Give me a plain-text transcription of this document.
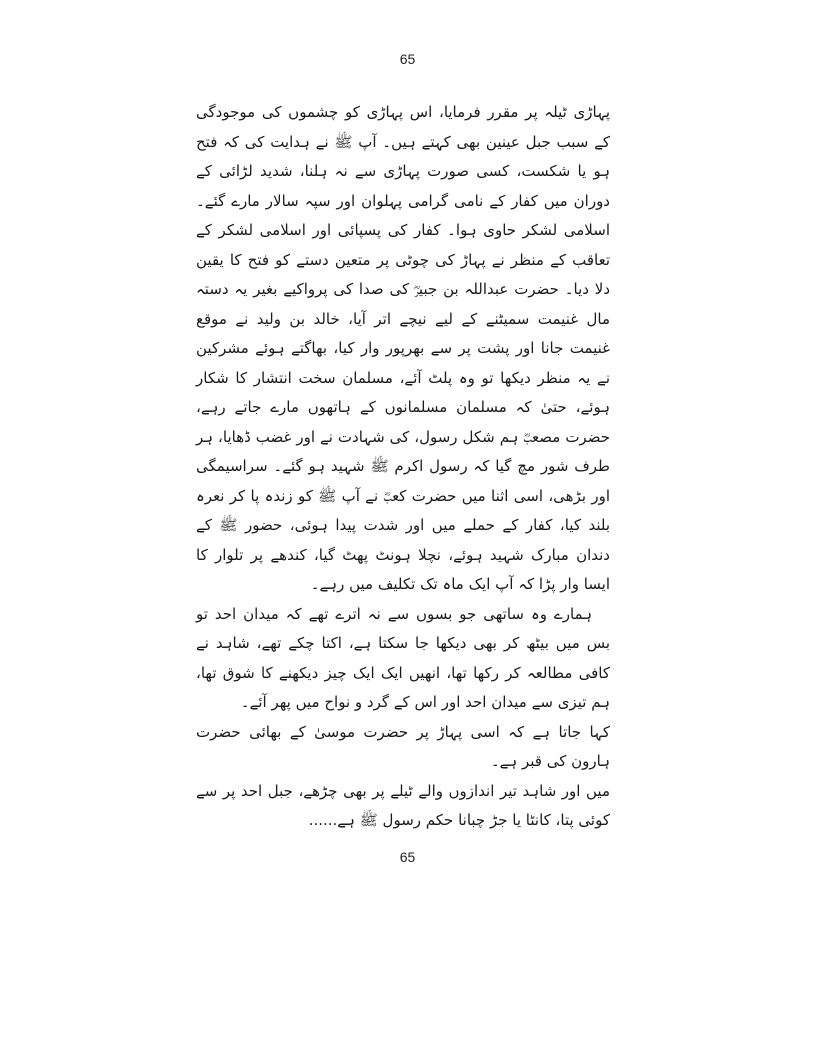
65

پہاڑی ٹیلہ پر مقرر فرمایا، اس پہاڑی کو چشموں کی موجودگی کے سبب جبل عینین بھی کہتے ہیں۔ آپ ﷺ نے ہدایت کی کہ فتح ہو یا شکست، کسی صورت پہاڑی سے نہ ہلنا، شدید لڑائی کے دوران میں کفار کے نامی گرامی پہلوان اور سپہ سالار مارے گئے۔ اسلامی لشکر حاوی ہوا۔ کفار کی پسپائی اور اسلامی لشکر کے تعاقب کے منظر نے پہاڑ کی چوٹی پر متعین دستے کو فتح کا یقین دلا دیا۔ حضرت عبداللہ بن جبیرؓ کی صدا کی پرواکیے بغیر یہ دستہ مال غنیمت سمیٹنے کے لیے نیچے اتر آیا، خالد بن ولید نے موقع غنیمت جانا اور پشت پر سے بھرپور وار کیا، بھاگتے ہوئے مشرکین نے یہ منظر دیکھا تو وہ پلٹ آئے، مسلمان سخت انتشار کا شکار ہوئے، حتیٰ کہ مسلمان مسلمانوں کے ہاتھوں مارے جاتے رہے، حضرت مصعبؓ ہم شکل رسول، کی شہادت نے اور غضب ڈھایا، ہر طرف شور مچ گیا کہ رسول اکرم ﷺ شہید ہو گئے۔ سراسیمگی اور بڑھی، اسی اثنا میں حضرت کعبؓ نے آپ ﷺ کو زندہ پا کر نعرہ بلند کیا، کفار کے حملے میں اور شدت پیدا ہوئی، حضور ﷺ کے دندان مبارک شہید ہوئے، نچلا ہونٹ پھٹ گیا، کندھے پر تلوار کا ایسا وار پڑا کہ آپ ایک ماہ تک تکلیف میں رہے۔

ہمارے وہ ساتھی جو بسوں سے نہ اترے تھے کہ میدان احد تو بس میں بیٹھ کر بھی دیکھا جا سکتا ہے، اکتا چکے تھے، شاہد نے کافی مطالعہ کر رکھا تھا، انھیں ایک ایک چیز دیکھنے کا شوق تھا، ہم تیزی سے میدان احد اور اس کے گرد و نواح میں پھر آئے۔

کہا جاتا ہے کہ اسی پہاڑ پر حضرت موسیٰ کے بھائی حضرت ہارون کی قبر ہے۔

میں اور شاہد تیر اندازوں والے ٹیلے پر بھی چڑھے، جبل احد پر سے کوئی پتا، کانٹا یا جڑ چبانا حکم رسول ﷺ ہے......

65
